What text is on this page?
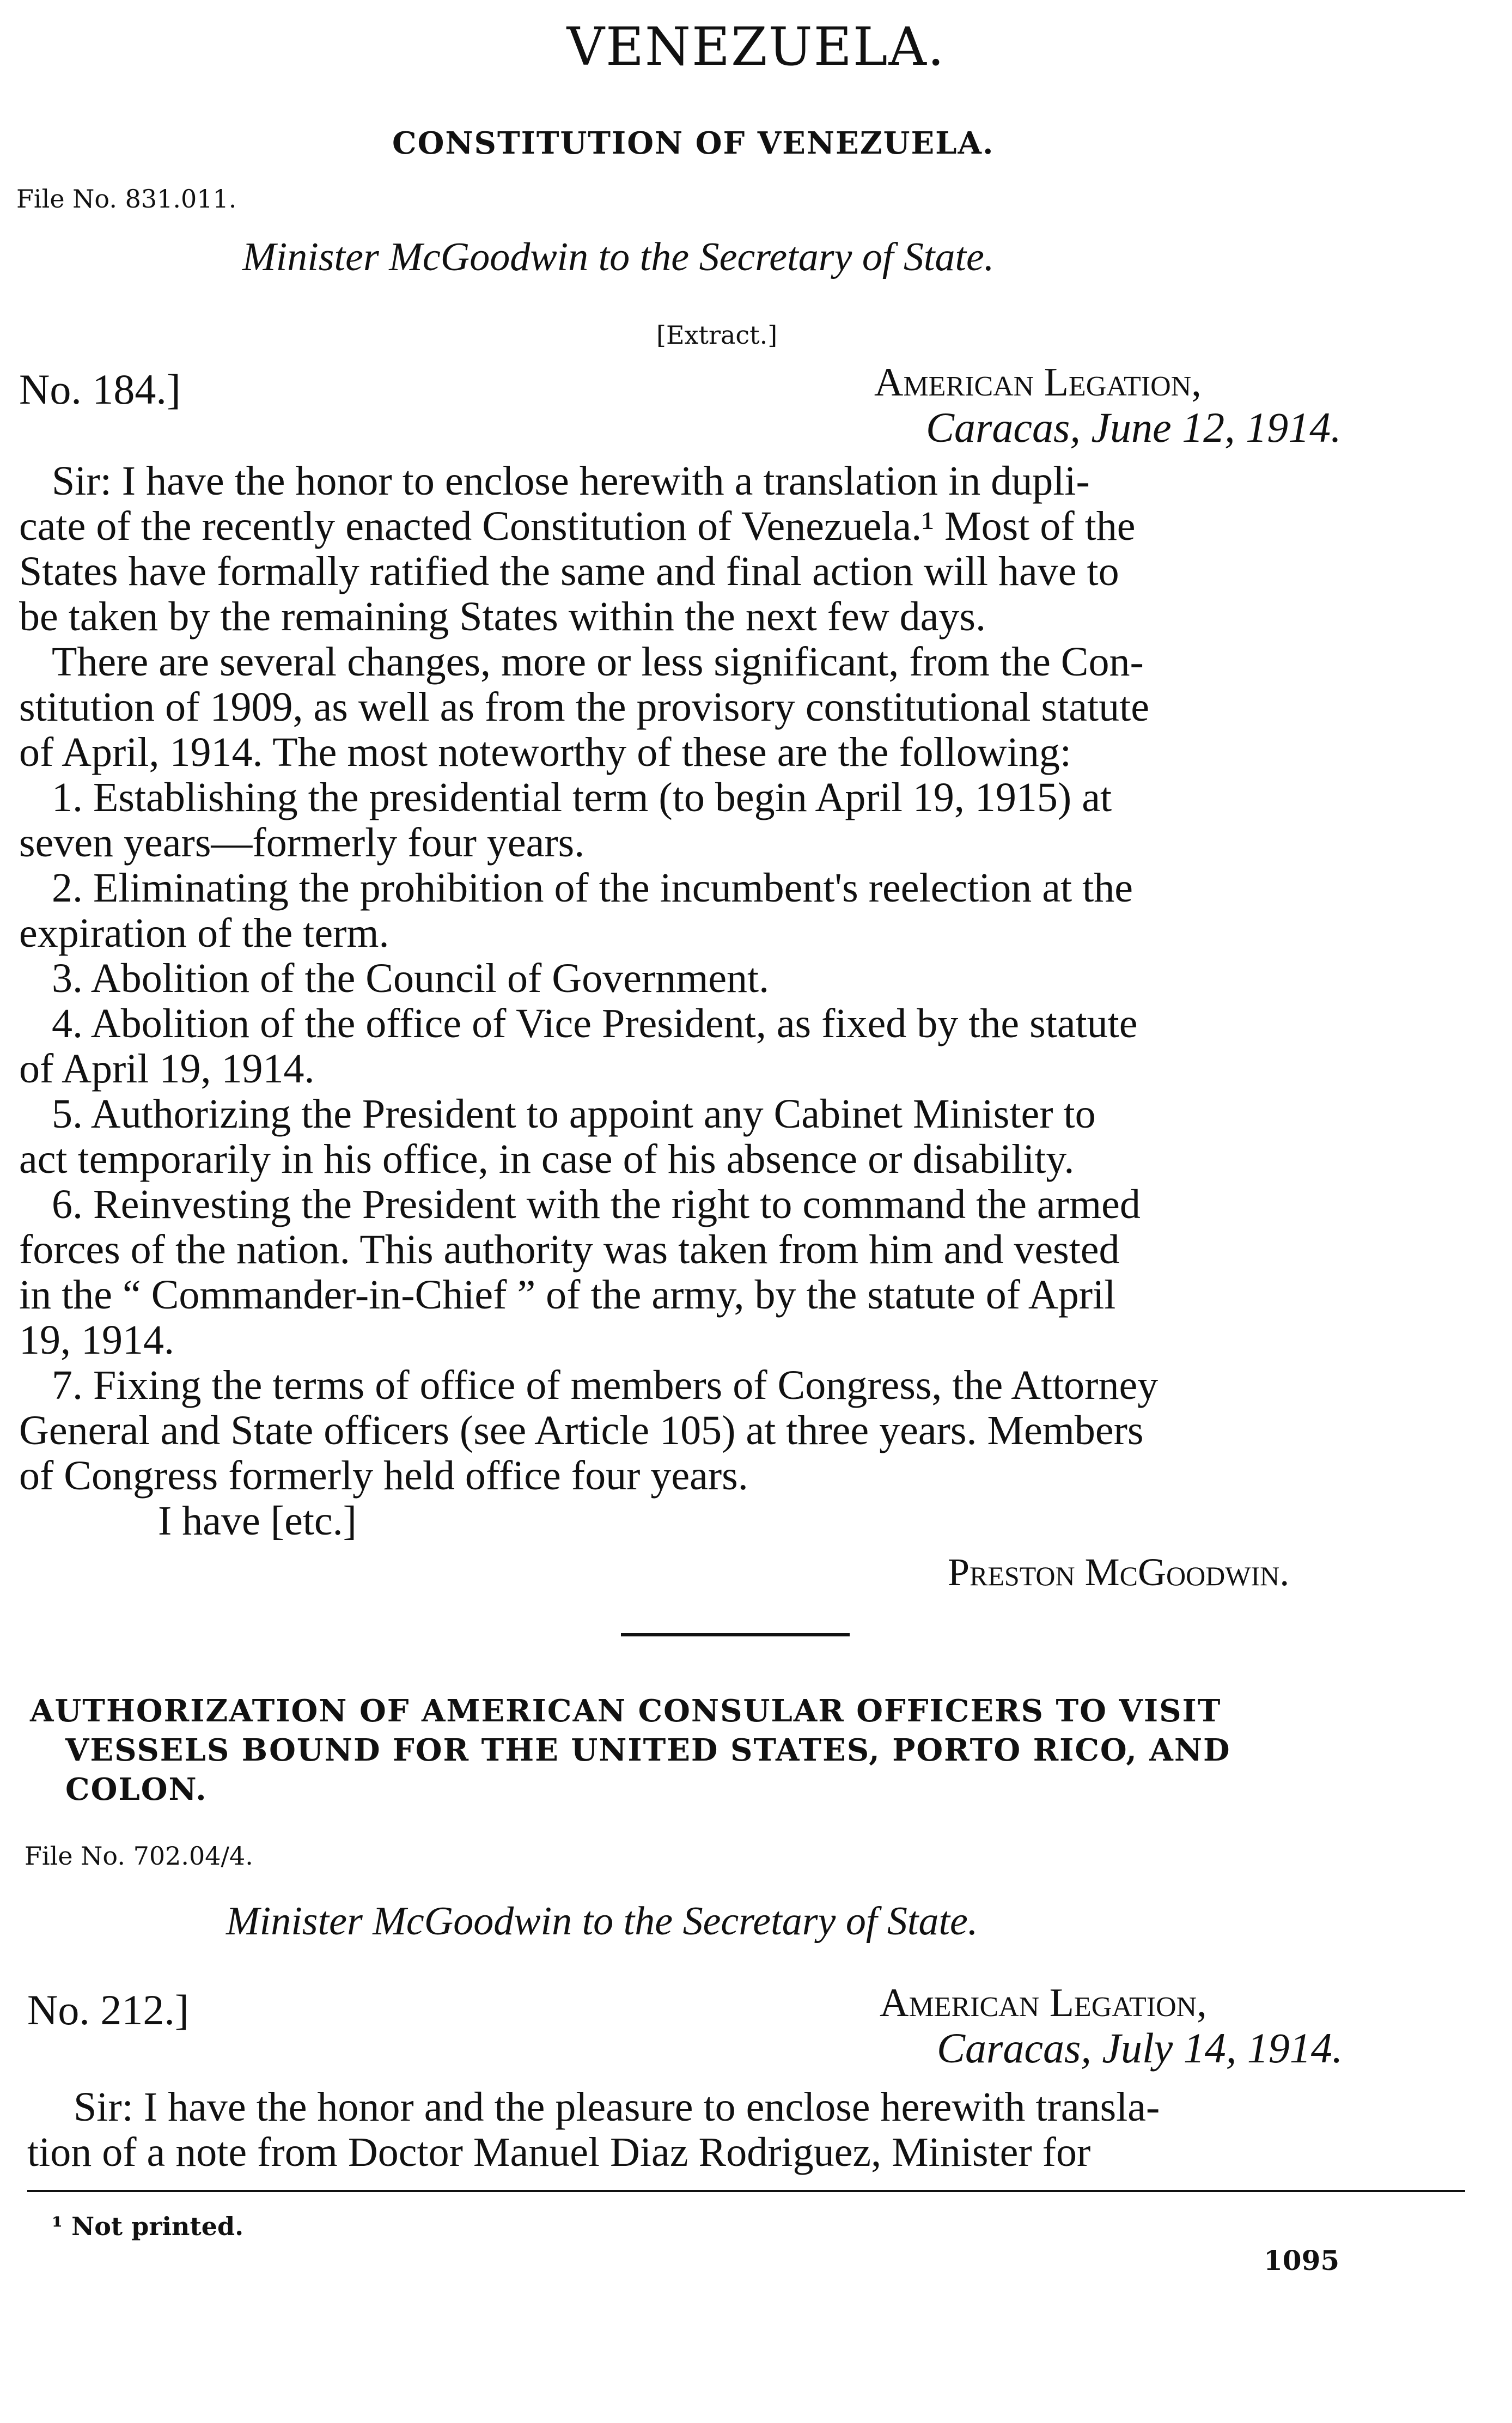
VENEZUELA.
CONSTITUTION OF VENEZUELA.
File No. 831.011.
Minister McGoodwin to the Secretary of State.
[Extract.]
No. 184.]	American Legation,
Caracas, June 12, 1914.
Sir: I have the honor to enclose herewith a translation in dupli-
cate of the recently enacted Constitution of Venezuela.¹ Most of the
States have formally ratified the same and final action will have to
be taken by the remaining States within the next few days.
There are several changes, more or less significant, from the Con-
stitution of 1909, as well as from the provisory constitutional statute
of April, 1914. The most noteworthy of these are the following:
1. Establishing the presidential term (to begin April 19, 1915) at
seven years—formerly four years.
2. Eliminating the prohibition of the incumbent's reelection at the
expiration of the term.
3. Abolition of the Council of Government.
4. Abolition of the office of Vice President, as fixed by the statute
of April 19, 1914.
5. Authorizing the President to appoint any Cabinet Minister to
act temporarily in his office, in case of his absence or disability.
6. Reinvesting the President with the right to command the armed
forces of the nation. This authority was taken from him and vested
in the “ Commander-in-Chief ” of the army, by the statute of April
19, 1914.
7. Fixing the terms of office of members of Congress, the Attorney
General and State officers (see Article 105) at three years. Members
of Congress formerly held office four years.
I have [etc.]
Preston McGoodwin.
AUTHORIZATION OF AMERICAN CONSULAR OFFICERS TO VISIT
VESSELS BOUND FOR THE UNITED STATES, PORTO RICO, AND
COLON.
File No. 702.04/4.
Minister McGoodwin to the Secretary of State.
No. 212.]	American Legation,
Caracas, July 14, 1914.
Sir: I have the honor and the pleasure to enclose herewith transla-
tion of a note from Doctor Manuel Diaz Rodriguez, Minister for
¹ Not printed.
1095
